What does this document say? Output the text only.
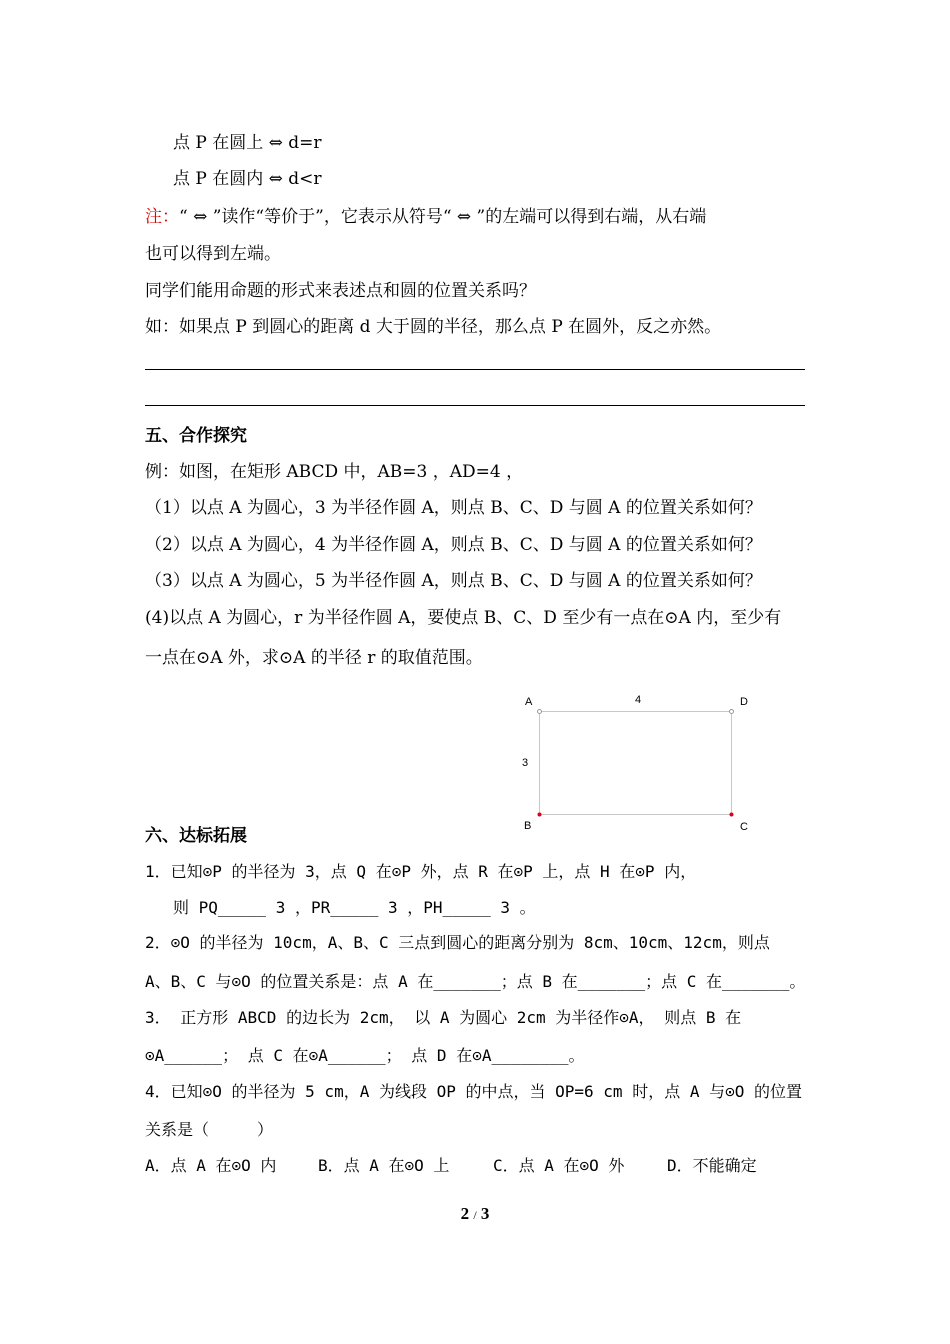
点 P 在圆上 ⇔ d=r
点 P 在圆内 ⇔ d<r
注：“ ⇔ ”读作“等价于”，它表示从符号“ ⇔ ”的左端可以得到右端，从右端
也可以得到左端。
同学们能用命题的形式来表述点和圆的位置关系吗？
如：如果点 P 到圆心的距离 d 大于圆的半径，那么点 P 在圆外，反之亦然。
五、合作探究
例：如图，在矩形 ABCD 中，AB=3 ，AD=4 ，
（1）以点 A 为圆心，3 为半径作圆 A，则点 B、C、D 与圆 A 的位置关系如何？
（2）以点 A 为圆心，4 为半径作圆 A，则点 B、C、D 与圆 A 的位置关系如何？
（3）以点 A 为圆心，5 为半径作圆 A，则点 B、C、D 与圆 A 的位置关系如何？
(4)以点 A 为圆心，r 为半径作圆 A，要使点 B、C、D 至少有一点在⊙A 内，至少有
一点在⊙A 外，求⊙A 的半径 r 的取值范围。
A	D
B	C
4
3
六、达标拓展
1．已知⊙P 的半径为 3，点 Q 在⊙P 外，点 R 在⊙P 上，点 H 在⊙P 内，
则 PQ_____ 3 ，PR_____ 3 ，PH_____ 3 。
2．⊙O 的半径为 10cm，A、B、C 三点到圆心的距离分别为 8cm、10cm、12cm，则点
A、B、C 与⊙O 的位置关系是：点 A 在_______；点 B 在_______；点 C 在_______。
3． 正方形 ABCD 的边长为 2cm， 以 A 为圆心 2cm 为半径作⊙A， 则点 B 在
⊙A______； 点 C 在⊙A______； 点 D 在⊙A________。
4．已知⊙O 的半径为 5 cm，A 为线段 OP 的中点，当 OP=6 cm 时，点 A 与⊙O 的位置
关系是（　　　）
A．点 A 在⊙O 内	B．点 A 在⊙O 上	C．点 A 在⊙O 外	D．不能确定
2 / 3
